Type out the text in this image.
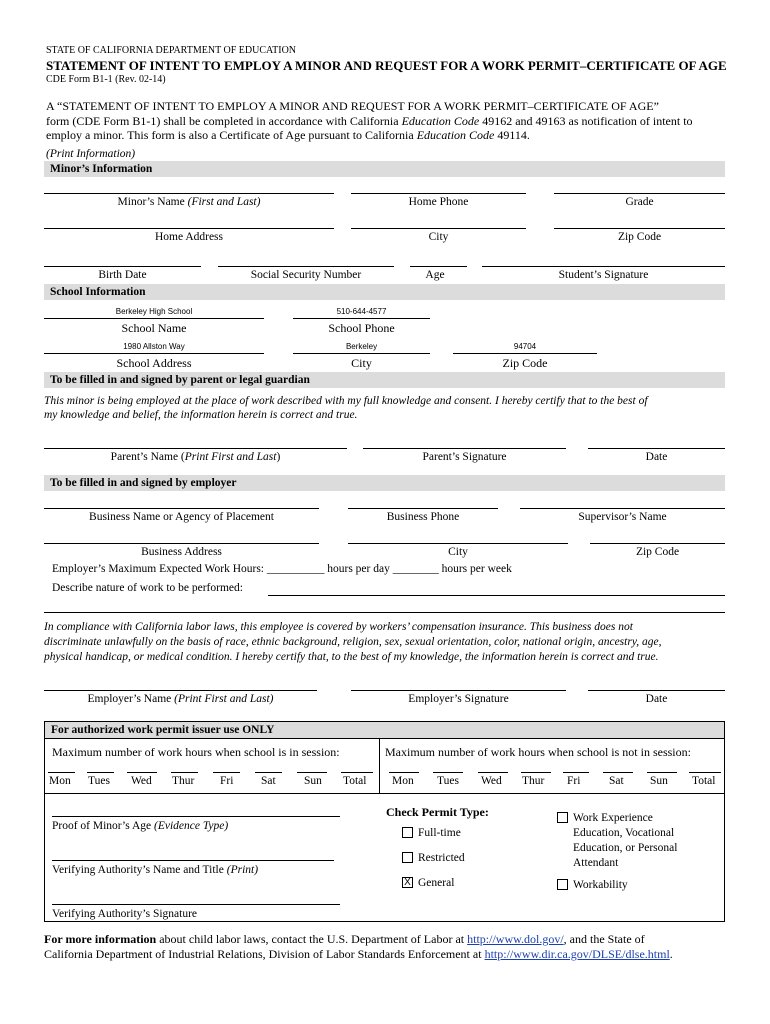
STATE OF CALIFORNIA DEPARTMENT OF EDUCATION
STATEMENT OF INTENT TO EMPLOY A MINOR AND REQUEST FOR A WORK PERMIT–CERTIFICATE OF AGE
CDE Form B1-1 (Rev. 02-14)
A “STATEMENT OF INTENT TO EMPLOY A MINOR AND REQUEST FOR A WORK PERMIT–CERTIFICATE OF AGE”
form (CDE Form B1-1) shall be completed in accordance with California Education Code 49162 and 49163 as notification of intent to
employ a minor. This form is also a Certificate of Age pursuant to California Education Code 49114.
(Print Information)
Minor’s Information
Minor’s Name (First and Last)	Home Phone	Grade
Home Address	City	Zip Code
Birth Date	Social Security Number	Age	Student’s Signature
School Information
Berkeley High School	510-644-4577
School Name	School Phone
1980 Allston Way	Berkeley	94704
School Address	City	Zip Code
To be filled in and signed by parent or legal guardian
This minor is being employed at the place of work described with my full knowledge and consent. I hereby certify that to the best of
my knowledge and belief, the information herein is correct and true.
Parent’s Name (Print First and Last)	Parent’s Signature	Date
To be filled in and signed by employer
Business Name or Agency of Placement	Business Phone	Supervisor’s Name
Business Address	City	Zip Code
Employer’s Maximum Expected Work Hours: __________ hours per day ________ hours per week
Describe nature of work to be performed:
In compliance with California labor laws, this employee is covered by workers’ compensation insurance. This business does not
discriminate unlawfully on the basis of race, ethnic background, religion, sex, sexual orientation, color, national origin, ancestry, age,
physical handicap, or medical condition. I hereby certify that, to the best of my knowledge, the information herein is correct and true.
Employer’s Name (Print First and Last)	Employer’s Signature	Date
For authorized work permit issuer use ONLY
Maximum number of work hours when school is in session:	Maximum number of work hours when school is not in session:
Mon Tues Wed Thur Fri Sat Sun Total Mon Tues Wed Thur Fri Sat Sun Total
Proof of Minor’s Age (Evidence Type)
Verifying Authority’s Name and Title (Print)
Verifying Authority’s Signature
Check Permit Type:
Full-time
Restricted
X General
Work Experience
Education, Vocational
Education, or Personal
Attendant
Workability
For more information about child labor laws, contact the U.S. Department of Labor at http://www.dol.gov/, and the State of
California Department of Industrial Relations, Division of Labor Standards Enforcement at http://www.dir.ca.gov/DLSE/dlse.html.
